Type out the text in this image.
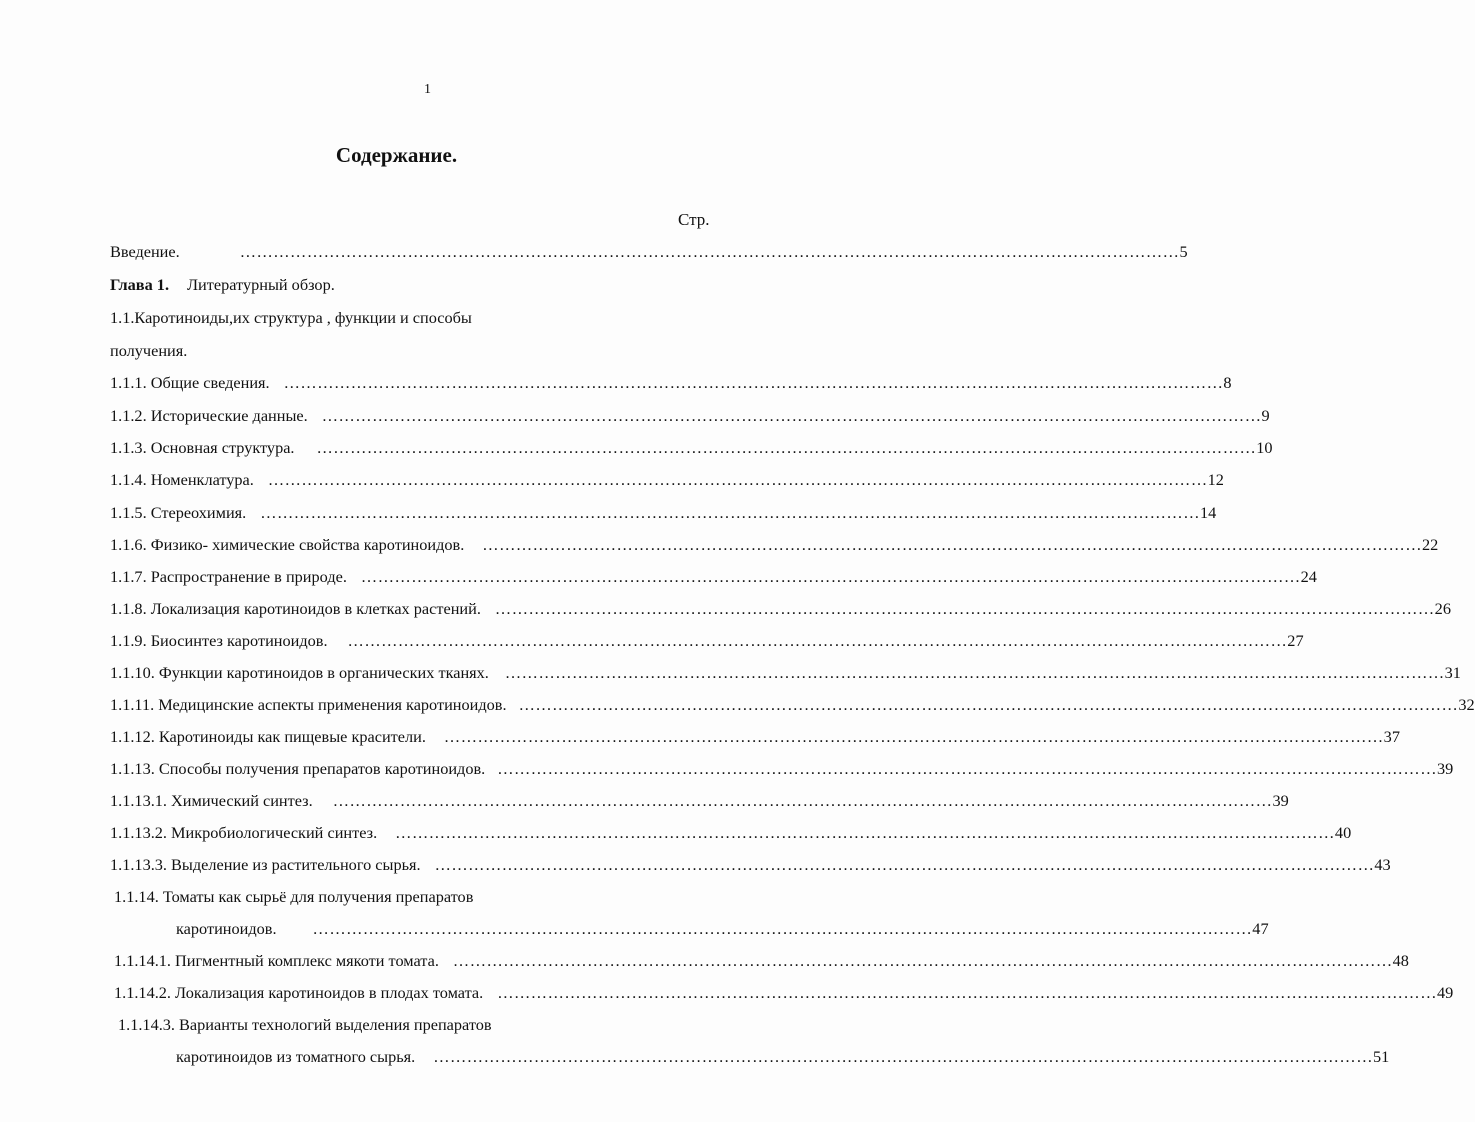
1
Содержание.
Стр.
Введение.	…………………………………………………………………………………………………………………………………………………… 5
Глава 1. Литературный обзор.
1.1.Каротиноиды,их структура , функции и способы
получения.
1.1.1. Общие сведения. …………………………………………………………………………………………………………………………………………………… 8
1.1.2. Исторические данные. …………………………………………………………………………………………………………………………………………………… 9
1.1.3. Основная структура. …………………………………………………………………………………………………………………………………………………… 10
1.1.4. Номенклатура. …………………………………………………………………………………………………………………………………………………… 12
1.1.5. Стереохимия. …………………………………………………………………………………………………………………………………………………… 14
1.1.6. Физико- химические свойства каротиноидов. …………………………………………………………………………………………………………………………………………………… 22
1.1.7. Распространение в природе. …………………………………………………………………………………………………………………………………………………… 24
1.1.8. Локализация каротиноидов в клетках растений. …………………………………………………………………………………………………………………………………………………… 26
1.1.9. Биосинтез каротиноидов. …………………………………………………………………………………………………………………………………………………… 27
1.1.10. Функции каротиноидов в органических тканях. …………………………………………………………………………………………………………………………………………………… 31
1.1.11. Медицинские аспекты применения каротиноидов. …………………………………………………………………………………………………………………………………………………… 32
1.1.12. Каротиноиды как пищевые красители. …………………………………………………………………………………………………………………………………………………… 37
1.1.13. Способы получения препаратов каротиноидов. …………………………………………………………………………………………………………………………………………………… 39
1.1.13.1. Химический синтез. …………………………………………………………………………………………………………………………………………………… 39
1.1.13.2. Микробиологический синтез. …………………………………………………………………………………………………………………………………………………… 40
1.1.13.3. Выделение из растительного сырья. …………………………………………………………………………………………………………………………………………………… 43
1.1.14. Томаты как сырьё для получения препаратов
каротиноидов. …………………………………………………………………………………………………………………………………………………… 47
1.1.14.1. Пигментный комплекс мякоти томата. …………………………………………………………………………………………………………………………………………………… 48
1.1.14.2. Локализация каротиноидов в плодах томата. …………………………………………………………………………………………………………………………………………………… 49
1.1.14.3. Варианты технологий выделения препаратов
каротиноидов из томатного сырья. …………………………………………………………………………………………………………………………………………………… 51
